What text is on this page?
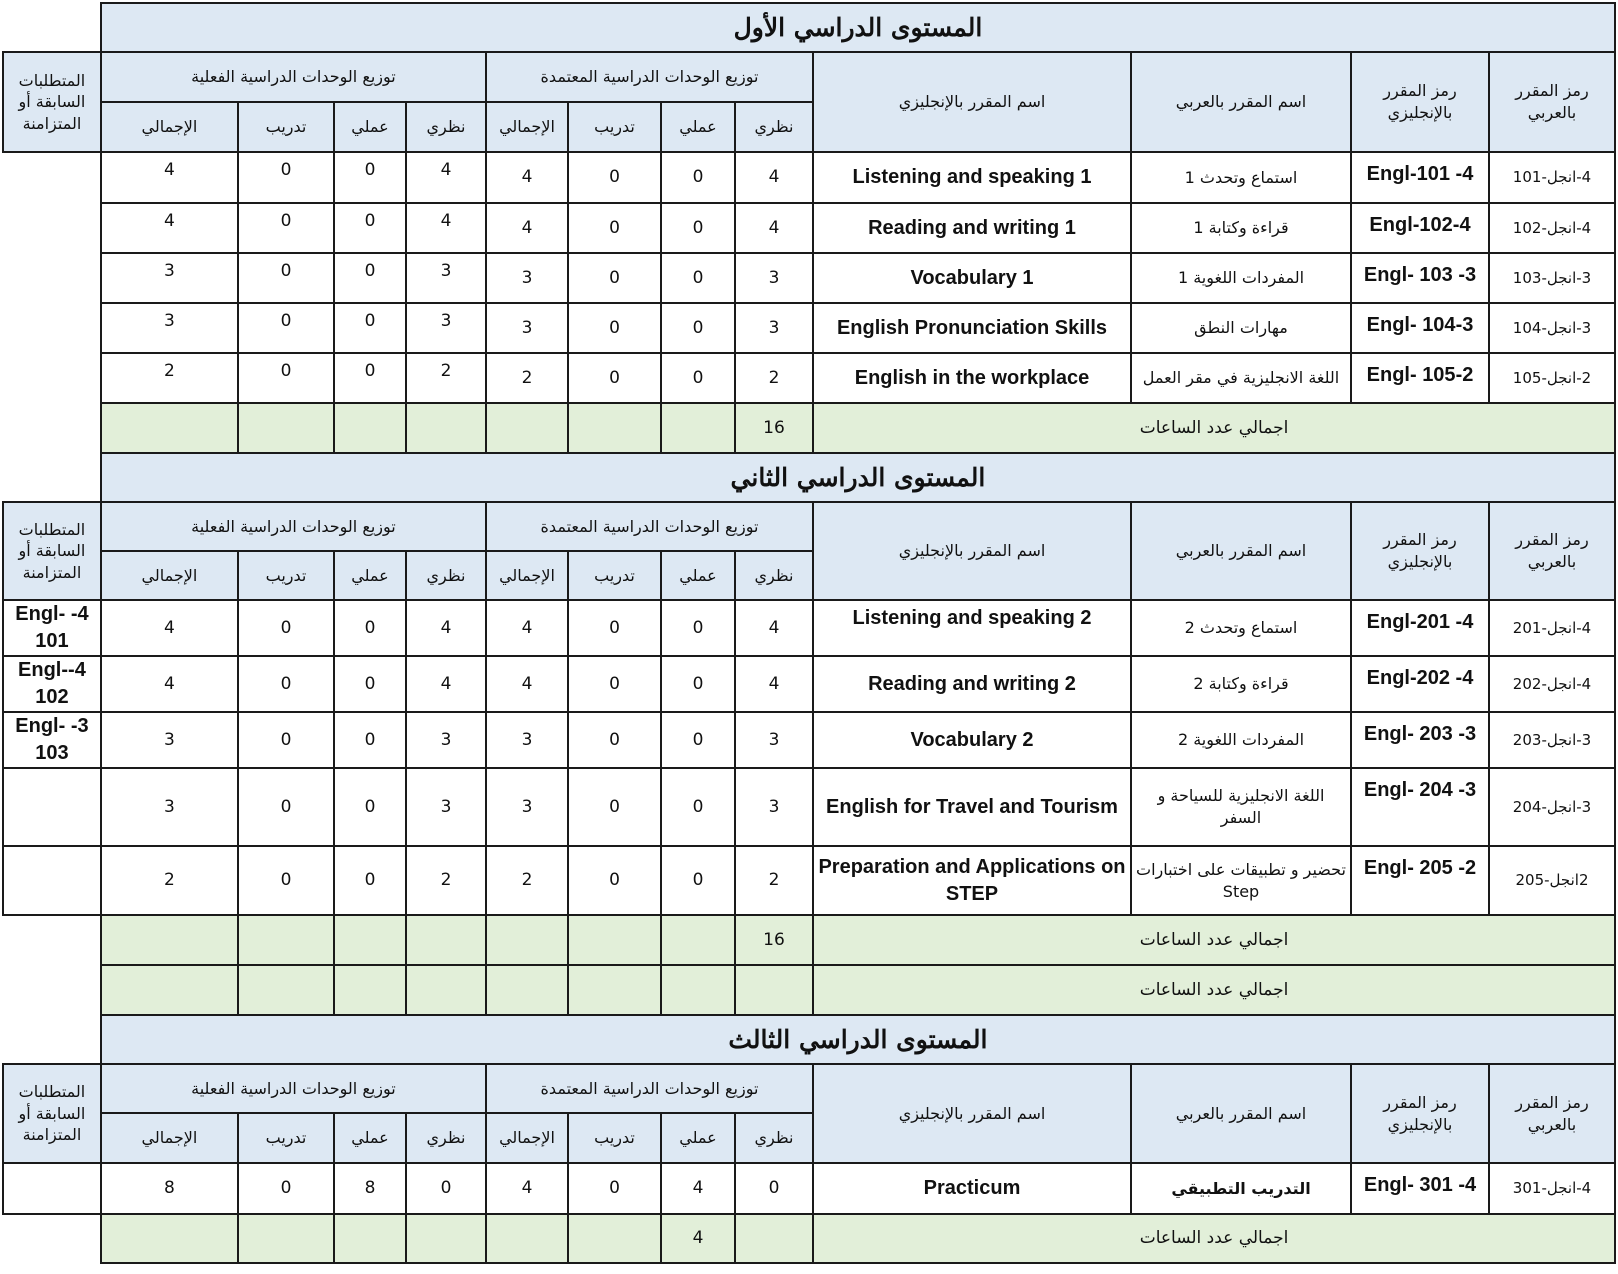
المستوى الدراسي الأول												
رمز المقرر بالعربي	رمز المقرر بالإنجليزي	اسم المقرر بالعربي	اسم المقرر بالإنجليزي	توزيع الوحدات الدراسية المعتمدة				توزيع الوحدات الدراسية الفعلية				المتطلبات السابقة أو المتزامنة
				نظري	عملي	تدريب	الإجمالي	نظري	عملي	تدريب	الإجمالي	
4-انجل-101	4- Engl-101	استماع وتحدث 1	Listening and speaking 1	4	0	0	4	4	0	0	4	
4-انجل-102	4-Engl-102	قراءة وكتابة 1	Reading and writing 1	4	0	0	4	4	0	0	4	
3-انجل-103	3- Engl- 103	المفردات اللغوية 1	Vocabulary 1	3	0	0	3	3	0	0	3	
3-انجل-104	3-Engl- 104	مهارات النطق	English Pronunciation Skills	3	0	0	3	3	0	0	3	
2-انجل-105	2-Engl- 105	اللغة الانجليزية في مقر العمل	English in the workplace	2	0	0	2	2	0	0	2	
اجمالي عدد الساعات				16								
المستوى الدراسي الثاني												
رمز المقرر بالعربي	رمز المقرر بالإنجليزي	اسم المقرر بالعربي	اسم المقرر بالإنجليزي	توزيع الوحدات الدراسية المعتمدة				توزيع الوحدات الدراسية الفعلية				المتطلبات السابقة أو المتزامنة
				نظري	عملي	تدريب	الإجمالي	نظري	عملي	تدريب	الإجمالي	
4-انجل-201	4- Engl-201	استماع وتحدث 2	Listening and speaking 2	4	0	0	4	4	0	0	4	4- Engl-101
4-انجل-202	4- Engl-202	قراءة وكتابة 2	Reading and writing 2	4	0	0	4	4	0	0	4	4-Engl-102
3-انجل-203	3- Engl- 203	المفردات اللغوية 2	Vocabulary 2	3	0	0	3	3	0	0	3	3- Engl- 103
3-انجل-204	3- Engl- 204	اللغة الانجليزية للسياحة و السفر	English for Travel and Tourism	3	0	0	3	3	0	0	3	
2انجل-205	2- Engl- 205	تحضير و تطبيقات على اختبارات Step	Preparation and Applications on STEP	2	0	0	2	2	0	0	2	
اجمالي عدد الساعات				16								
اجمالي عدد الساعات												
المستوى الدراسي الثالث												
رمز المقرر بالعربي	رمز المقرر بالإنجليزي	اسم المقرر بالعربي	اسم المقرر بالإنجليزي	توزيع الوحدات الدراسية المعتمدة				توزيع الوحدات الدراسية الفعلية				المتطلبات السابقة أو المتزامنة
				نظري	عملي	تدريب	الإجمالي	نظري	عملي	تدريب	الإجمالي	
4-انجل-301	4- Engl- 301	التدريب التطبيقي	Practicum	0	4	0	4	0	8	0	8	
اجمالي عدد الساعات					4							
